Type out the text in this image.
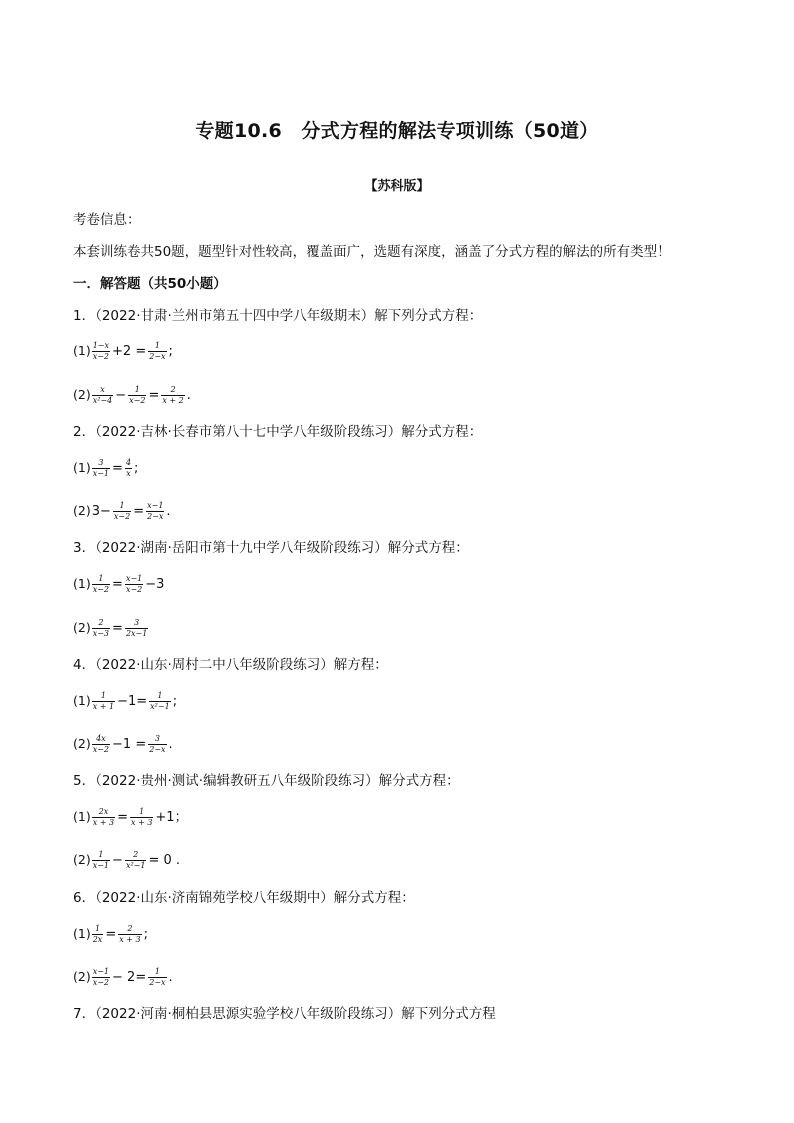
专题10.6　分式方程的解法专项训练（50道）
【苏科版】
考卷信息：
本套训练卷共50题，题型针对性较高，覆盖面广，选题有深度，涵盖了分式方程的解法的所有类型！
一．解答题（共50小题）
1．（2022·甘肃·兰州市第五十四中学八年级期末）解下列分式方程：
$(1) \frac{1-x}{x-2} +2 = \frac{1}{2-x}$ ;
$(2) \frac{x}{\text{x²−4}} - \frac{1}{x-2} = \frac{2}{x + 2}$ .
2．（2022·吉林·长春市第八十七中学八年级阶段练习）解分式方程：
$(1) \frac{3}{x-1} = \frac{4}{x}$ ;
(2) $3- \frac{1}{x-2} = \frac{x-1}{2-x}$ .
3．（2022·湖南·岳阳市第十九中学八年级阶段练习）解分式方程：
$(1) \frac{1}{x-2} = \frac{x-1}{x-2} -3$
$(2) \frac{2}{x-3} = \frac{3}{2x-1}$
4．（2022·山东·周村二中八年级阶段练习）解方程：
$(1) \frac{1}{x + 1} -1= \frac{1}{\text{x²−1}}$ ;
$(2) \frac{4x}{x-2} -1 = \frac{3}{2-x}$ .
5．（2022·贵州·测试·编辑教研五八年级阶段练习）解分式方程：
$(1) \frac{2x}{x + 3} = \frac{1}{x + 3} +1$；
$(2) \frac{1}{x-1} - \frac{2}{\text{x²−1}} = 0$ .
6．（2022·山东·济南锦苑学校八年级期中）解分式方程：
$(1) \frac{1}{2x} = \frac{2}{x + 3}$ ;
$(2) \frac{x-1}{x-2} - 2= \frac{1}{2-x}$ .
7．（2022·河南·桐柏县思源实验学校八年级阶段练习）解下列分式方程
